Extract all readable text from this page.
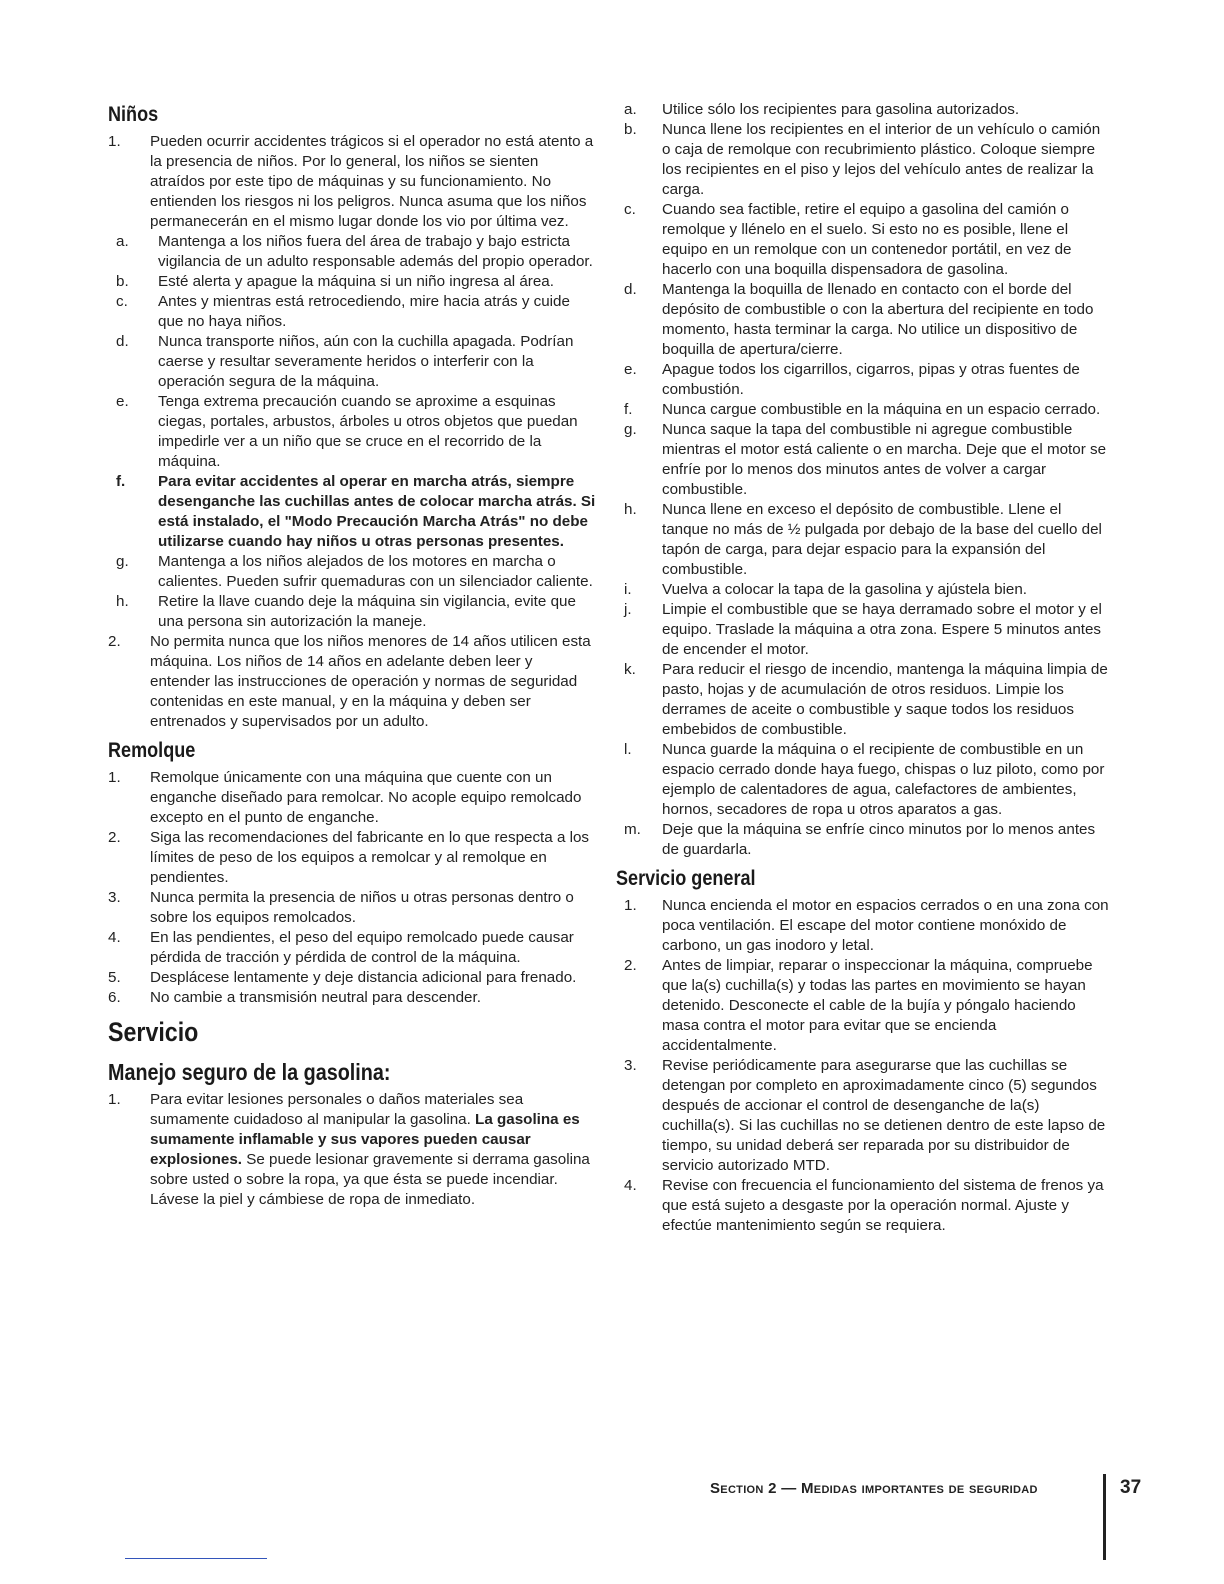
Niños
1. Pueden ocurrir accidentes trágicos si el operador no está atento a la presencia de niños. Por lo general, los niños se sienten atraídos por este tipo de máquinas y su funcionamiento. No entienden los riesgos ni los peligros. Nunca asuma que los niños permanecerán en el mismo lugar donde los vio por última vez.
a. Mantenga a los niños fuera del área de trabajo y bajo estricta vigilancia de un adulto responsable además del propio operador.
b. Esté alerta y apague la máquina si un niño ingresa al área.
c. Antes y mientras está retrocediendo, mire hacia atrás y cuide que no haya niños.
d. Nunca transporte niños, aún con la cuchilla apagada. Podrían caerse y resultar severamente heridos o interferir con la operación segura de la máquina.
e. Tenga extrema precaución cuando se aproxime a esquinas ciegas, portales, arbustos, árboles u otros objetos que puedan impedirle ver a un niño que se cruce en el recorrido de la máquina.
f. Para evitar accidentes al operar en marcha atrás, siempre desenganche las cuchillas antes de colocar marcha atrás. Si está instalado, el "Modo Precaución Marcha Atrás" no debe utilizarse cuando hay niños u otras personas presentes.
g. Mantenga a los niños alejados de los motores en marcha o calientes. Pueden sufrir quemaduras con un silenciador caliente.
h. Retire la llave cuando deje la máquina sin vigilancia, evite que una persona sin autorización la maneje.
2. No permita nunca que los niños menores de 14 años utilicen esta máquina. Los niños de 14 años en adelante deben leer y entender las instrucciones de operación y normas de seguridad contenidas en este manual, y en la máquina y deben ser entrenados y supervisados por un adulto.
Remolque
1. Remolque únicamente con una máquina que cuente con un enganche diseñado para remolcar. No acople equipo remolcado excepto en el punto de enganche.
2. Siga las recomendaciones del fabricante en lo que respecta a los límites de peso de los equipos a remolcar y al remolque en pendientes.
3. Nunca permita la presencia de niños u otras personas dentro o sobre los equipos remolcados.
4. En las pendientes, el peso del equipo remolcado puede causar pérdida de tracción y pérdida de control de la máquina.
5. Desplácese lentamente y deje distancia adicional para frenado.
6. No cambie a transmisión neutral para descender.
Servicio
Manejo seguro de la gasolina:
1. Para evitar lesiones personales o daños materiales sea sumamente cuidadoso al manipular la gasolina. La gasolina es sumamente inflamable y sus vapores pueden causar explosiones. Se puede lesionar gravemente si derrama gasolina sobre usted o sobre la ropa, ya que ésta se puede incendiar. Lávese la piel y cámbiese de ropa de inmediato.
a. Utilice sólo los recipientes para gasolina autorizados.
b. Nunca llene los recipientes en el interior de un vehículo o camión o caja de remolque con recubrimiento plástico. Coloque siempre los recipientes en el piso y lejos del vehículo antes de realizar la carga.
c. Cuando sea factible, retire el equipo a gasolina del camión o remolque y llénelo en el suelo. Si esto no es posible, llene el equipo en un remolque con un contenedor portátil, en vez de hacerlo con una boquilla dispensadora de gasolina.
d. Mantenga la boquilla de llenado en contacto con el borde del depósito de combustible o con la abertura del recipiente en todo momento, hasta terminar la carga. No utilice un dispositivo de boquilla de apertura/cierre.
e. Apague todos los cigarrillos, cigarros, pipas y otras fuentes de combustión.
f. Nunca cargue combustible en la máquina en un espacio cerrado.
g. Nunca saque la tapa del combustible ni agregue combustible mientras el motor está caliente o en marcha. Deje que el motor se enfríe por lo menos dos minutos antes de volver a cargar combustible.
h. Nunca llene en exceso el depósito de combustible. Llene el tanque no más de ½ pulgada por debajo de la base del cuello del tapón de carga, para dejar espacio para la expansión del combustible.
i. Vuelva a colocar la tapa de la gasolina y ajústela bien.
j. Limpie el combustible que se haya derramado sobre el motor y el equipo. Traslade la máquina a otra zona. Espere 5 minutos antes de encender el motor.
k. Para reducir el riesgo de incendio, mantenga la máquina limpia de pasto, hojas y de acumulación de otros residuos. Limpie los derrames de aceite o combustible y saque todos los residuos embebidos de combustible.
l. Nunca guarde la máquina o el recipiente de combustible en un espacio cerrado donde haya fuego, chispas o luz piloto, como por ejemplo de calentadores de agua, calefactores de ambientes, hornos, secadores de ropa u otros aparatos a gas.
m. Deje que la máquina se enfríe cinco minutos por lo menos antes de guardarla.
Servicio general
1. Nunca encienda el motor en espacios cerrados o en una zona con poca ventilación. El escape del motor contiene monóxido de carbono, un gas inodoro y letal.
2. Antes de limpiar, reparar o inspeccionar la máquina, compruebe que la(s) cuchilla(s) y todas las partes en movimiento se hayan detenido. Desconecte el cable de la bujía y póngalo haciendo masa contra el motor para evitar que se encienda accidentalmente.
3. Revise periódicamente para asegurarse que las cuchillas se detengan por completo en aproximadamente cinco (5) segundos después de accionar el control de desenganche de la(s) cuchilla(s). Si las cuchillas no se detienen dentro de este lapso de tiempo, su unidad deberá ser reparada por su distribuidor de servicio autorizado MTD.
4. Revise con frecuencia el funcionamiento del sistema de frenos ya que está sujeto a desgaste por la operación normal. Ajuste y efectúe mantenimiento según se requiera.
Section 2 — Medidas importantes de seguridad	37
